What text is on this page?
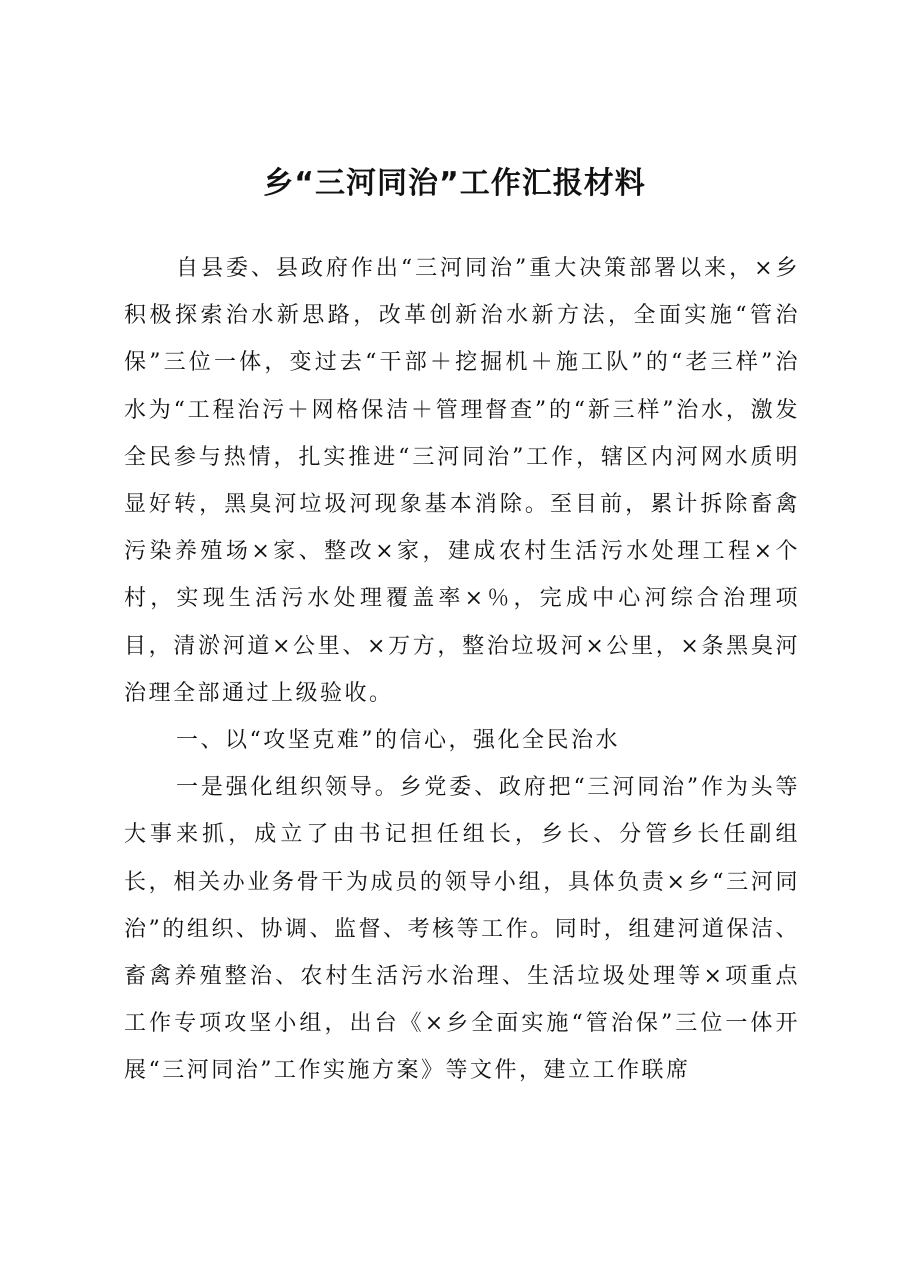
乡“三河同治”工作汇报材料

自县委、县政府作出“三河同治”重大决策部署以来，×乡积极探索治水新思路，改革创新治水新方法，全面实施“管治保”三位一体，变过去“干部＋挖掘机＋施工队”的“老三样”治水为“工程治污＋网格保洁＋管理督查”的“新三样”治水，激发全民参与热情，扎实推进“三河同治”工作，辖区内河网水质明显好转，黑臭河垃圾河现象基本消除。至目前，累计拆除畜禽污染养殖场×家、整改×家，建成农村生活污水处理工程×个村，实现生活污水处理覆盖率×％，完成中心河综合治理项目，清淤河道×公里、×万方，整治垃圾河×公里，×条黑臭河治理全部通过上级验收。

一、以“攻坚克难”的信心，强化全民治水

一是强化组织领导。乡党委、政府把“三河同治”作为头等大事来抓，成立了由书记担任组长，乡长、分管乡长任副组长，相关办业务骨干为成员的领导小组，具体负责×乡“三河同治”的组织、协调、监督、考核等工作。同时，组建河道保洁、畜禽养殖整治、农村生活污水治理、生活垃圾处理等×项重点工作专项攻坚小组，出台《×乡全面实施“管治保”三位一体开展“三河同治”工作实施方案》等文件，建立工作联席
